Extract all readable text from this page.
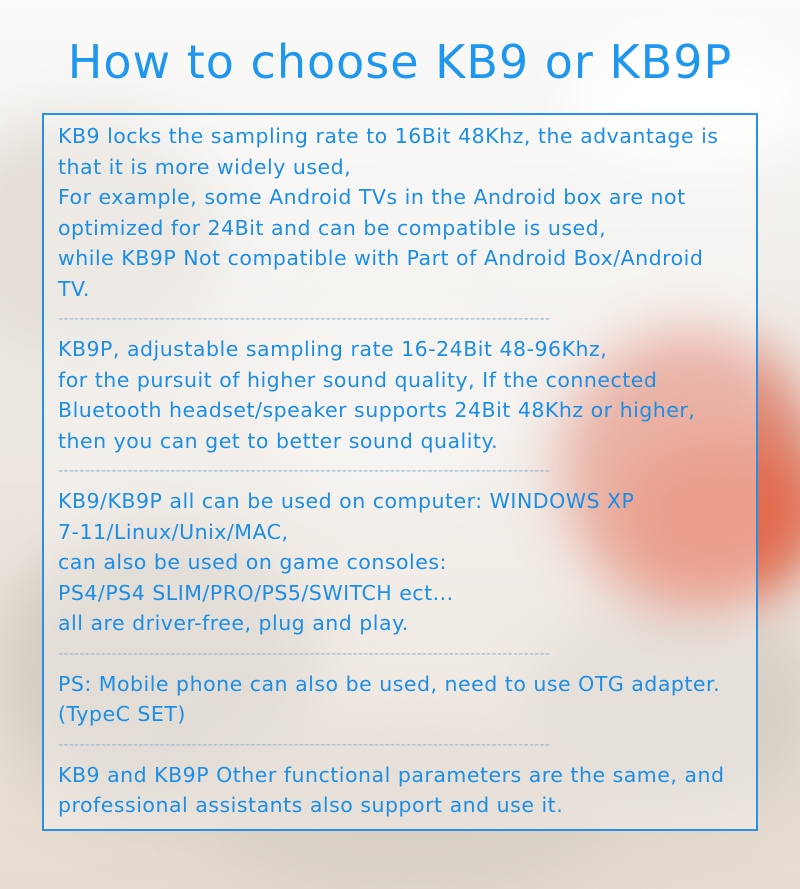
How to choose KB9 or KB9P
KB9 locks the sampling rate to 16Bit 48Khz, the advantage is
that it is more widely used,
For example, some Android TVs in the Android box are not
optimized for 24Bit and can be compatible is used,
while KB9P Not compatible with Part of Android Box/Android
TV.
--------------------------------------------------------------------------------------------
KB9P, adjustable sampling rate 16-24Bit 48-96Khz,
for the pursuit of higher sound quality, If the connected
Bluetooth headset/speaker supports 24Bit 48Khz or higher,
then you can get to better sound quality.
--------------------------------------------------------------------------------------------
KB9/KB9P all can be used on computer: WINDOWS XP
7-11/Linux/Unix/MAC,
can also be used on game consoles:
PS4/PS4 SLIM/PRO/PS5/SWITCH ect...
all are driver-free, plug and play.
--------------------------------------------------------------------------------------------
PS: Mobile phone can also be used, need to use OTG adapter.
(TypeC SET)
--------------------------------------------------------------------------------------------
KB9 and KB9P Other functional parameters are the same, and
professional assistants also support and use it.
